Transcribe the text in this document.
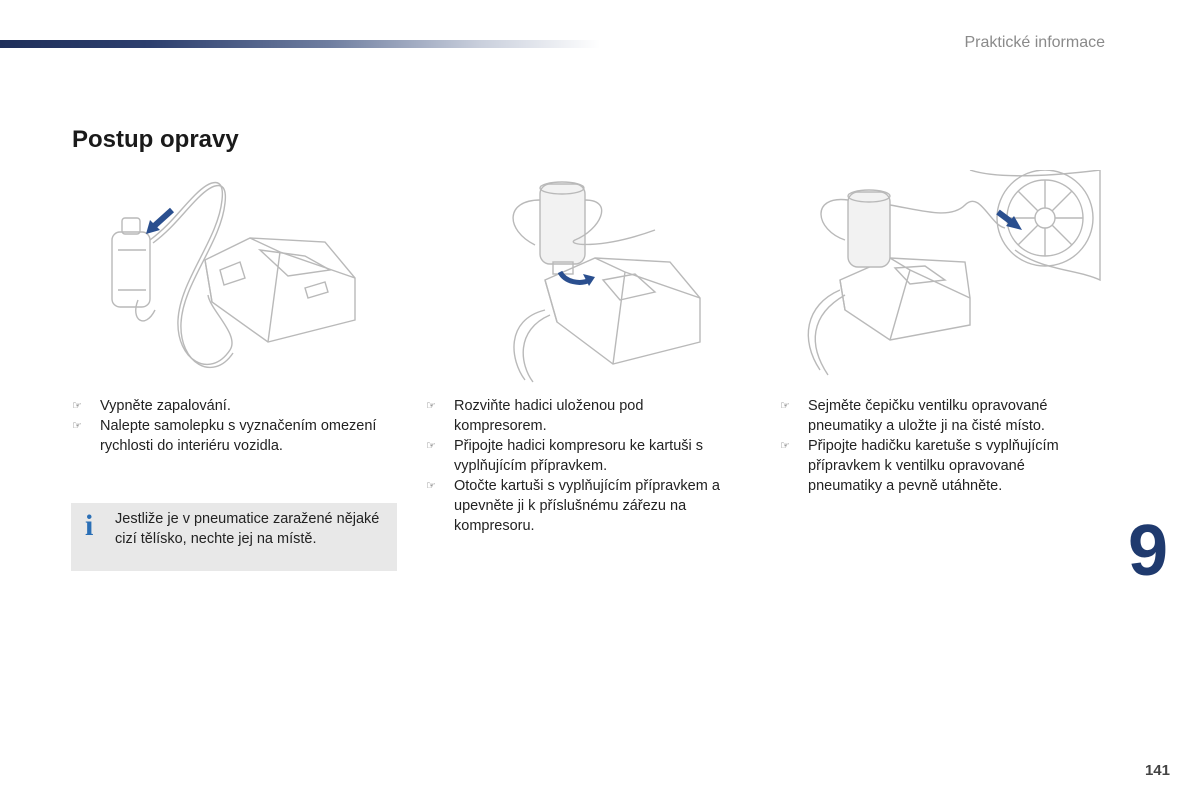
Praktické informace
Postup opravy
☞ Vypněte zapalování.
☞ Nalepte samolepku s vyznačením omezení rychlosti do interiéru vozidla.
☞ Rozviňte hadici uloženou pod kompresorem.
☞ Připojte hadici kompresoru ke kartuši s vyplňujícím přípravkem.
☞ Otočte kartuši s vyplňujícím přípravkem a upevněte ji k příslušnému zářezu na kompresoru.
☞ Sejměte čepičku ventilku opravované pneumatiky a uložte ji na čisté místo.
☞ Připojte hadičku karetuše s vyplňujícím přípravkem k ventilku opravované pneumatiky a pevně utáhněte.
i Jestliže je v pneumatice zaražené nějaké cizí tělísko, nechte jej na místě.	9
141
